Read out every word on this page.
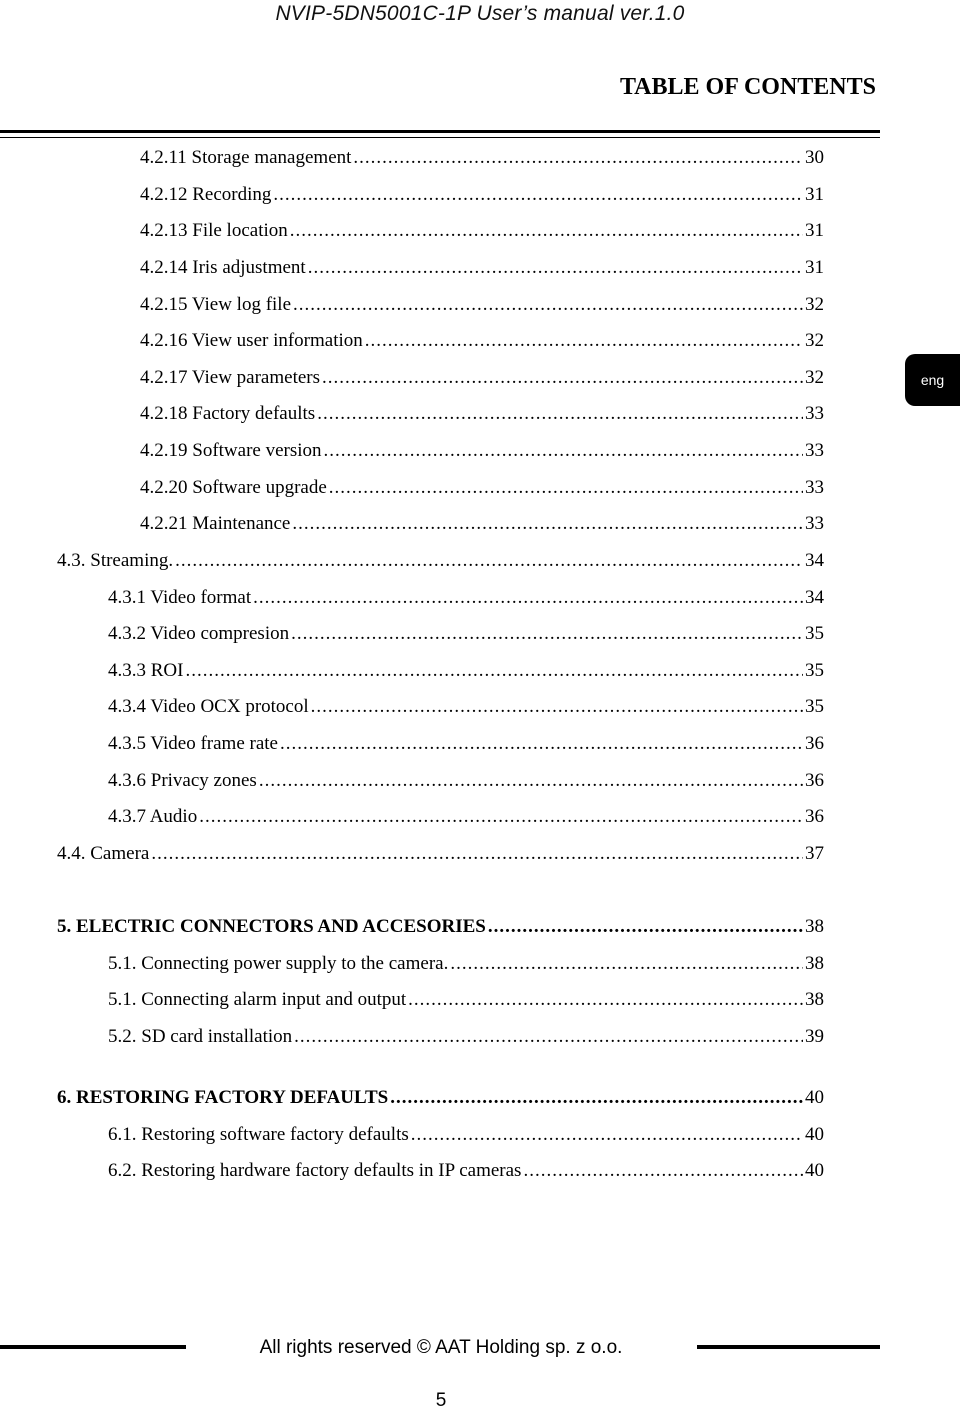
NVIP-5DN5001C-1P User’s manual ver.1.0
TABLE OF CONTENTS
eng
4.2.11 Storage management .....	30
4.2.12 Recording .....	31
4.2.13 File location .....	31
4.2.14 Iris adjustment .....	31
4.2.15 View log file .....	32
4.2.16 View user information .....	32
4.2.17 View parameters .....	32
4.2.18 Factory defaults .....	33
4.2.19 Software version .....	33
4.2.20 Software upgrade .....	33
4.2.21 Maintenance .....	33
4.3. Streaming. .....	34
4.3.1 Video format .....	34
4.3.2 Video compresion .....	35
4.3.3 ROI .....	35
4.3.4 Video OCX protocol .....	35
4.3.5 Video frame rate .....	36
4.3.6 Privacy zones .....	36
4.3.7 Audio .....	36
4.4. Camera .....	37
5. ELECTRIC CONNECTORS AND ACCESORIES .....	38
5.1. Connecting power supply to the camera. .....	38
5.1. Connecting alarm input and output .....	38
5.2. SD card installation .....	39
6. RESTORING FACTORY DEFAULTS .....	40
6.1. Restoring software factory defaults .....	40
6.2. Restoring hardware factory defaults in IP cameras .....	40
All rights reserved © AAT Holding sp. z o.o.
5
